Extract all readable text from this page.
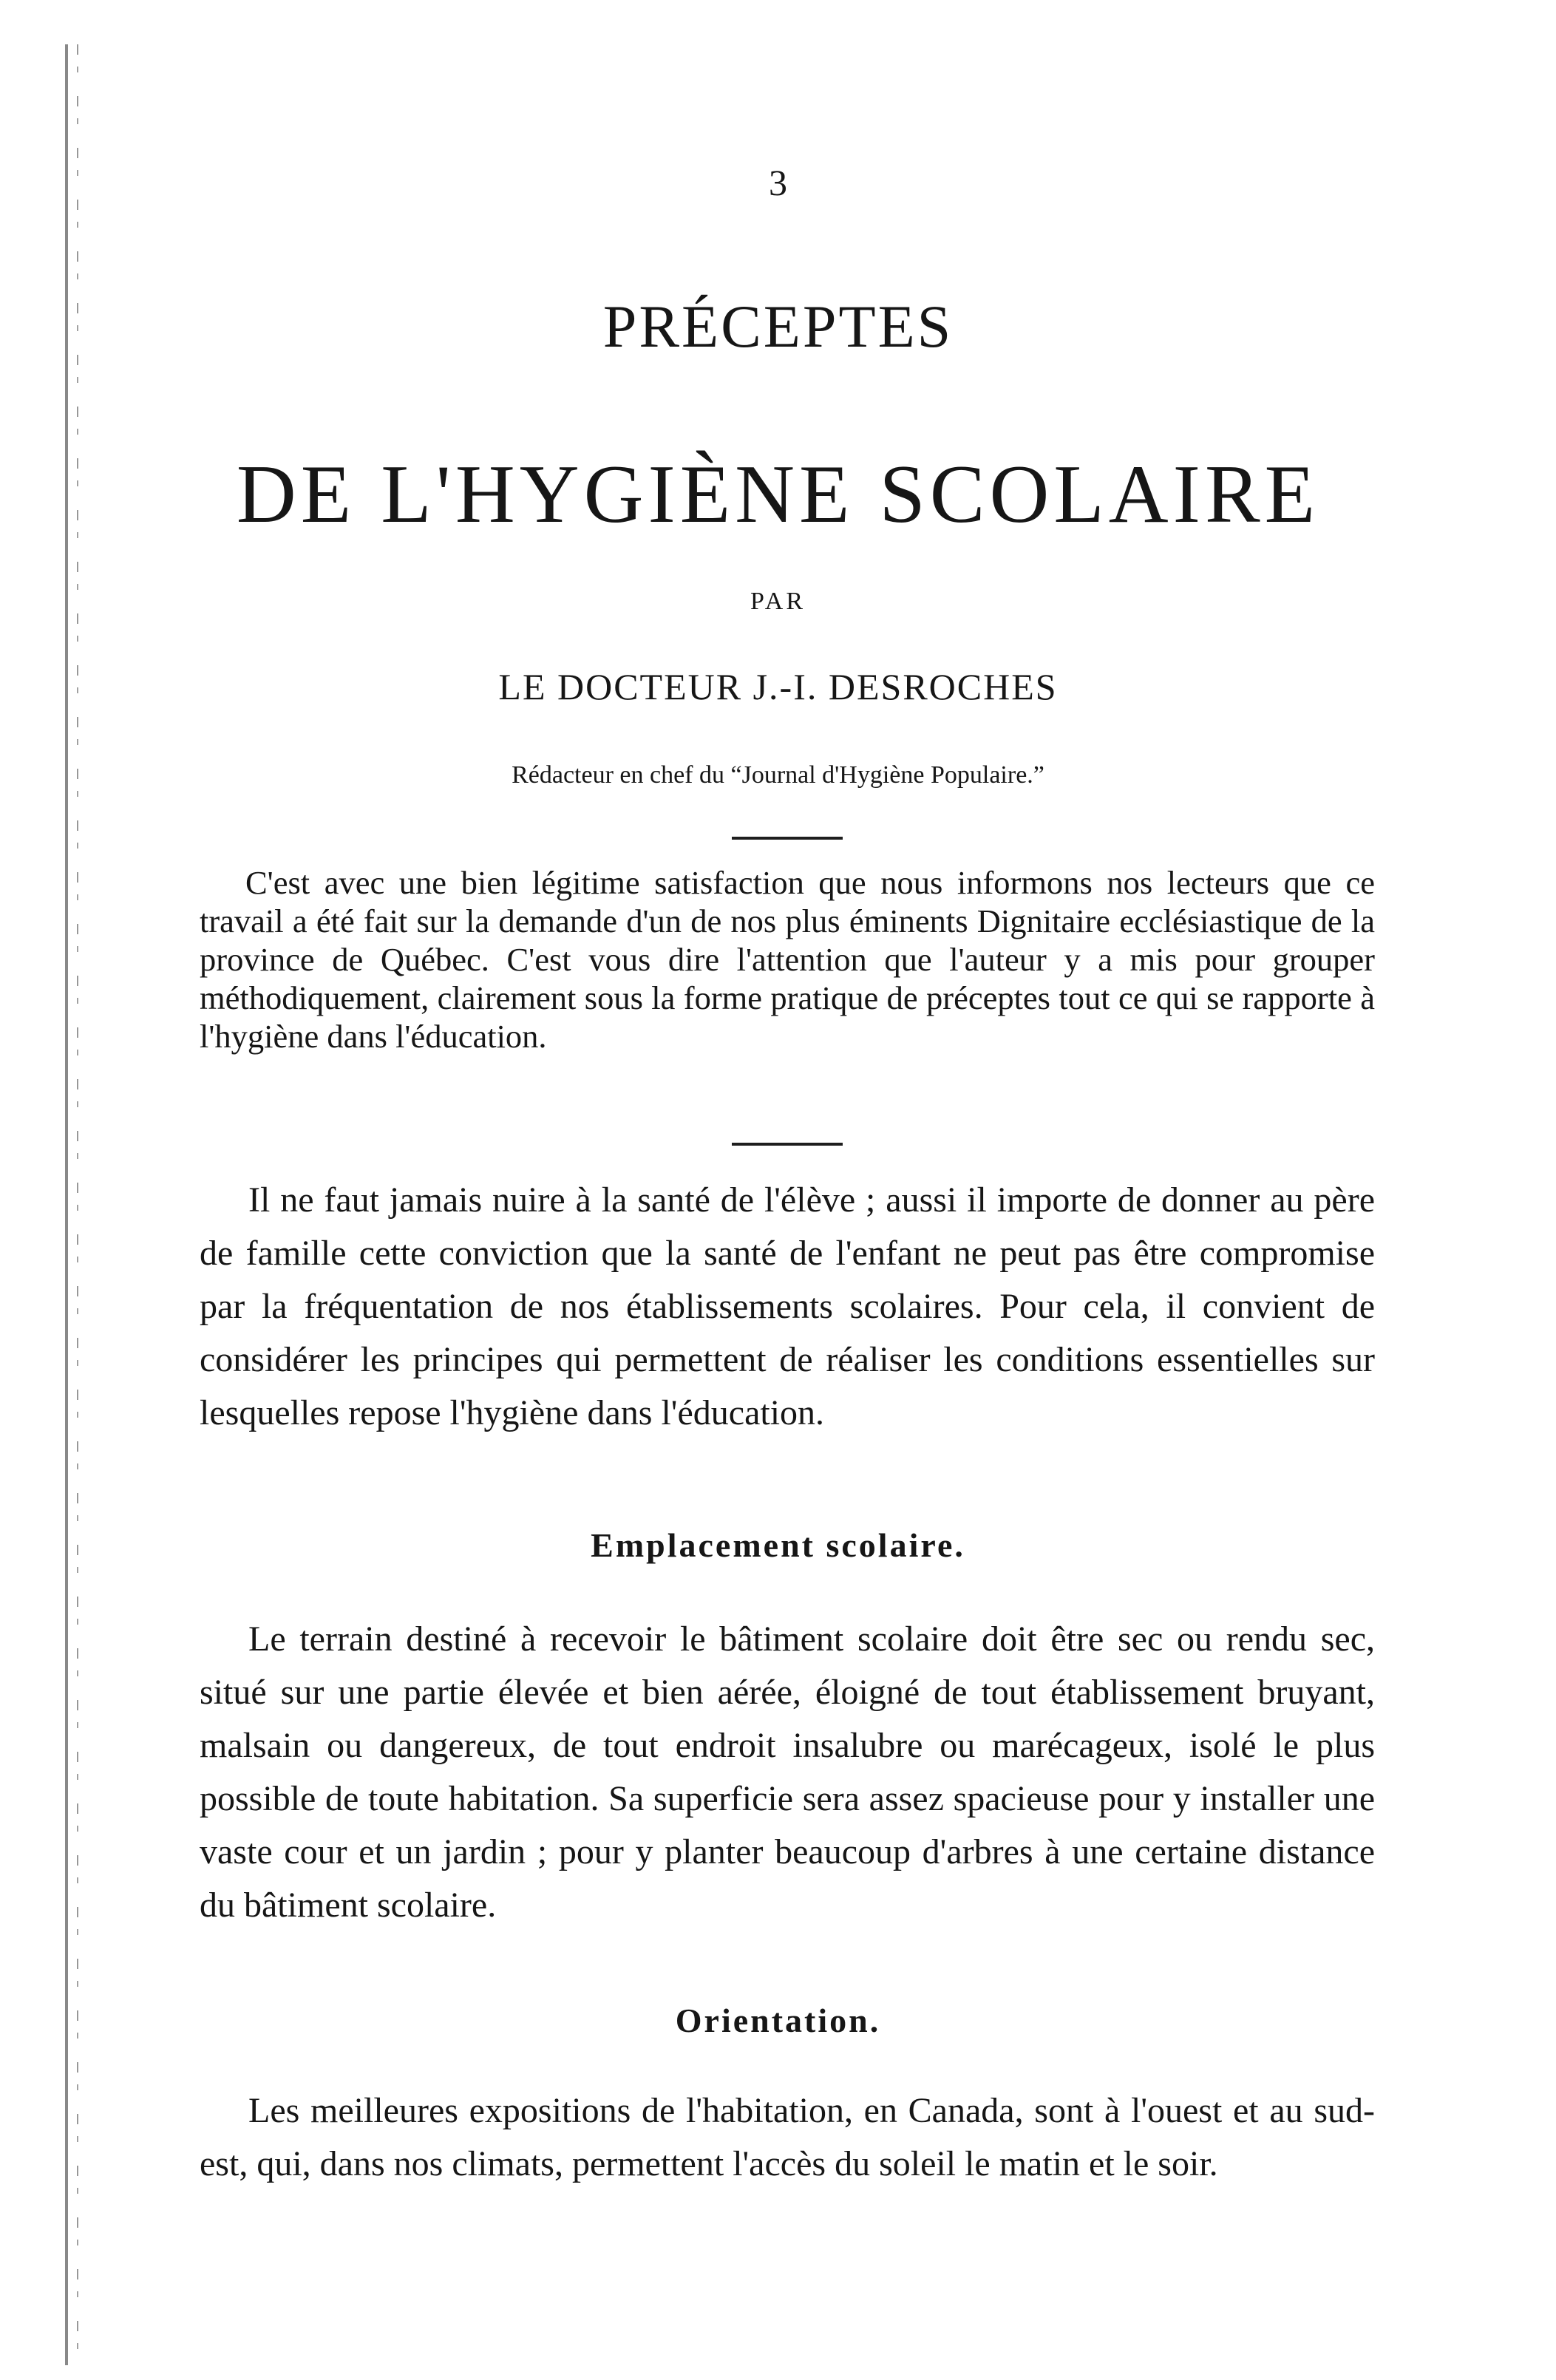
3
PRÉCEPTES
DE L'HYGIÈNE SCOLAIRE
PAR
LE DOCTEUR J.-I. DESROCHES
Rédacteur en chef du “Journal d'Hygiène Populaire.”

C'est avec une bien légitime satisfaction que nous informons nos lecteurs que ce travail a été fait sur la demande d'un de nos plus éminents Dignitaire ecclésiastique de la province de Québec. C'est vous dire l'attention que l'auteur y a mis pour grouper méthodiquement, clairement sous la forme pratique de préceptes tout ce qui se rapporte à l'hygiène dans l'éducation.

Il ne faut jamais nuire à la santé de l'élève ; aussi il importe de donner au père de famille cette conviction que la santé de l'enfant ne peut pas être compromise par la fréquentation de nos établissements scolaires. Pour cela, il convient de considérer les principes qui permettent de réaliser les conditions essentielles sur lesquelles repose l'hygiène dans l'éducation.

Emplacement scolaire.

Le terrain destiné à recevoir le bâtiment scolaire doit être sec ou rendu sec, situé sur une partie élevée et bien aérée, éloigné de tout établissement bruyant, malsain ou dangereux, de tout endroit insalubre ou marécageux, isolé le plus possible de toute habitation. Sa superficie sera assez spacieuse pour y installer une vaste cour et un jardin ; pour y planter beaucoup d'arbres à une certaine distance du bâtiment scolaire.

Orientation.

Les meilleures expositions de l'habitation, en Canada, sont à l'ouest et au sud-est, qui, dans nos climats, permettent l'accès du soleil le matin et le soir.
